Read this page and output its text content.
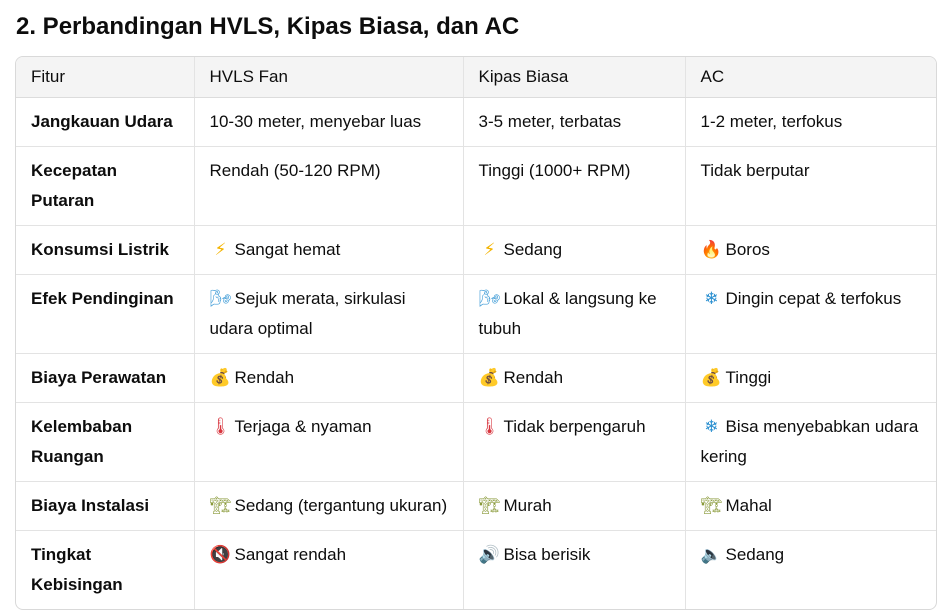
2. Perbandingan HVLS, Kipas Biasa, dan AC
Fitur	HVLS Fan	Kipas Biasa	AC
Jangkauan Udara	10-30 meter, menyebar luas	3-5 meter, terbatas	1-2 meter, terfokus
Kecepatan Putaran	Rendah (50-120 RPM)	Tinggi (1000+ RPM)	Tidak berputar
Konsumsi Listrik	⚡ Sangat hemat	⚡ Sedang	🔥 Boros
Efek Pendinginan	🌬 Sejuk merata, sirkulasi udara optimal	🌬 Lokal & langsung ke tubuh	❄ Dingin cepat & terfokus
Biaya Perawatan	💰 Rendah	💰 Rendah	💰 Tinggi
Kelembaban Ruangan	🌡 Terjaga & nyaman	🌡 Tidak berpengaruh	❄ Bisa menyebabkan udara kering
Biaya Instalasi	🏗 Sedang (tergantung ukuran)	🏗 Murah	🏗 Mahal
Tingkat Kebisingan	🔇 Sangat rendah	🔊 Bisa berisik	🔈 Sedang
